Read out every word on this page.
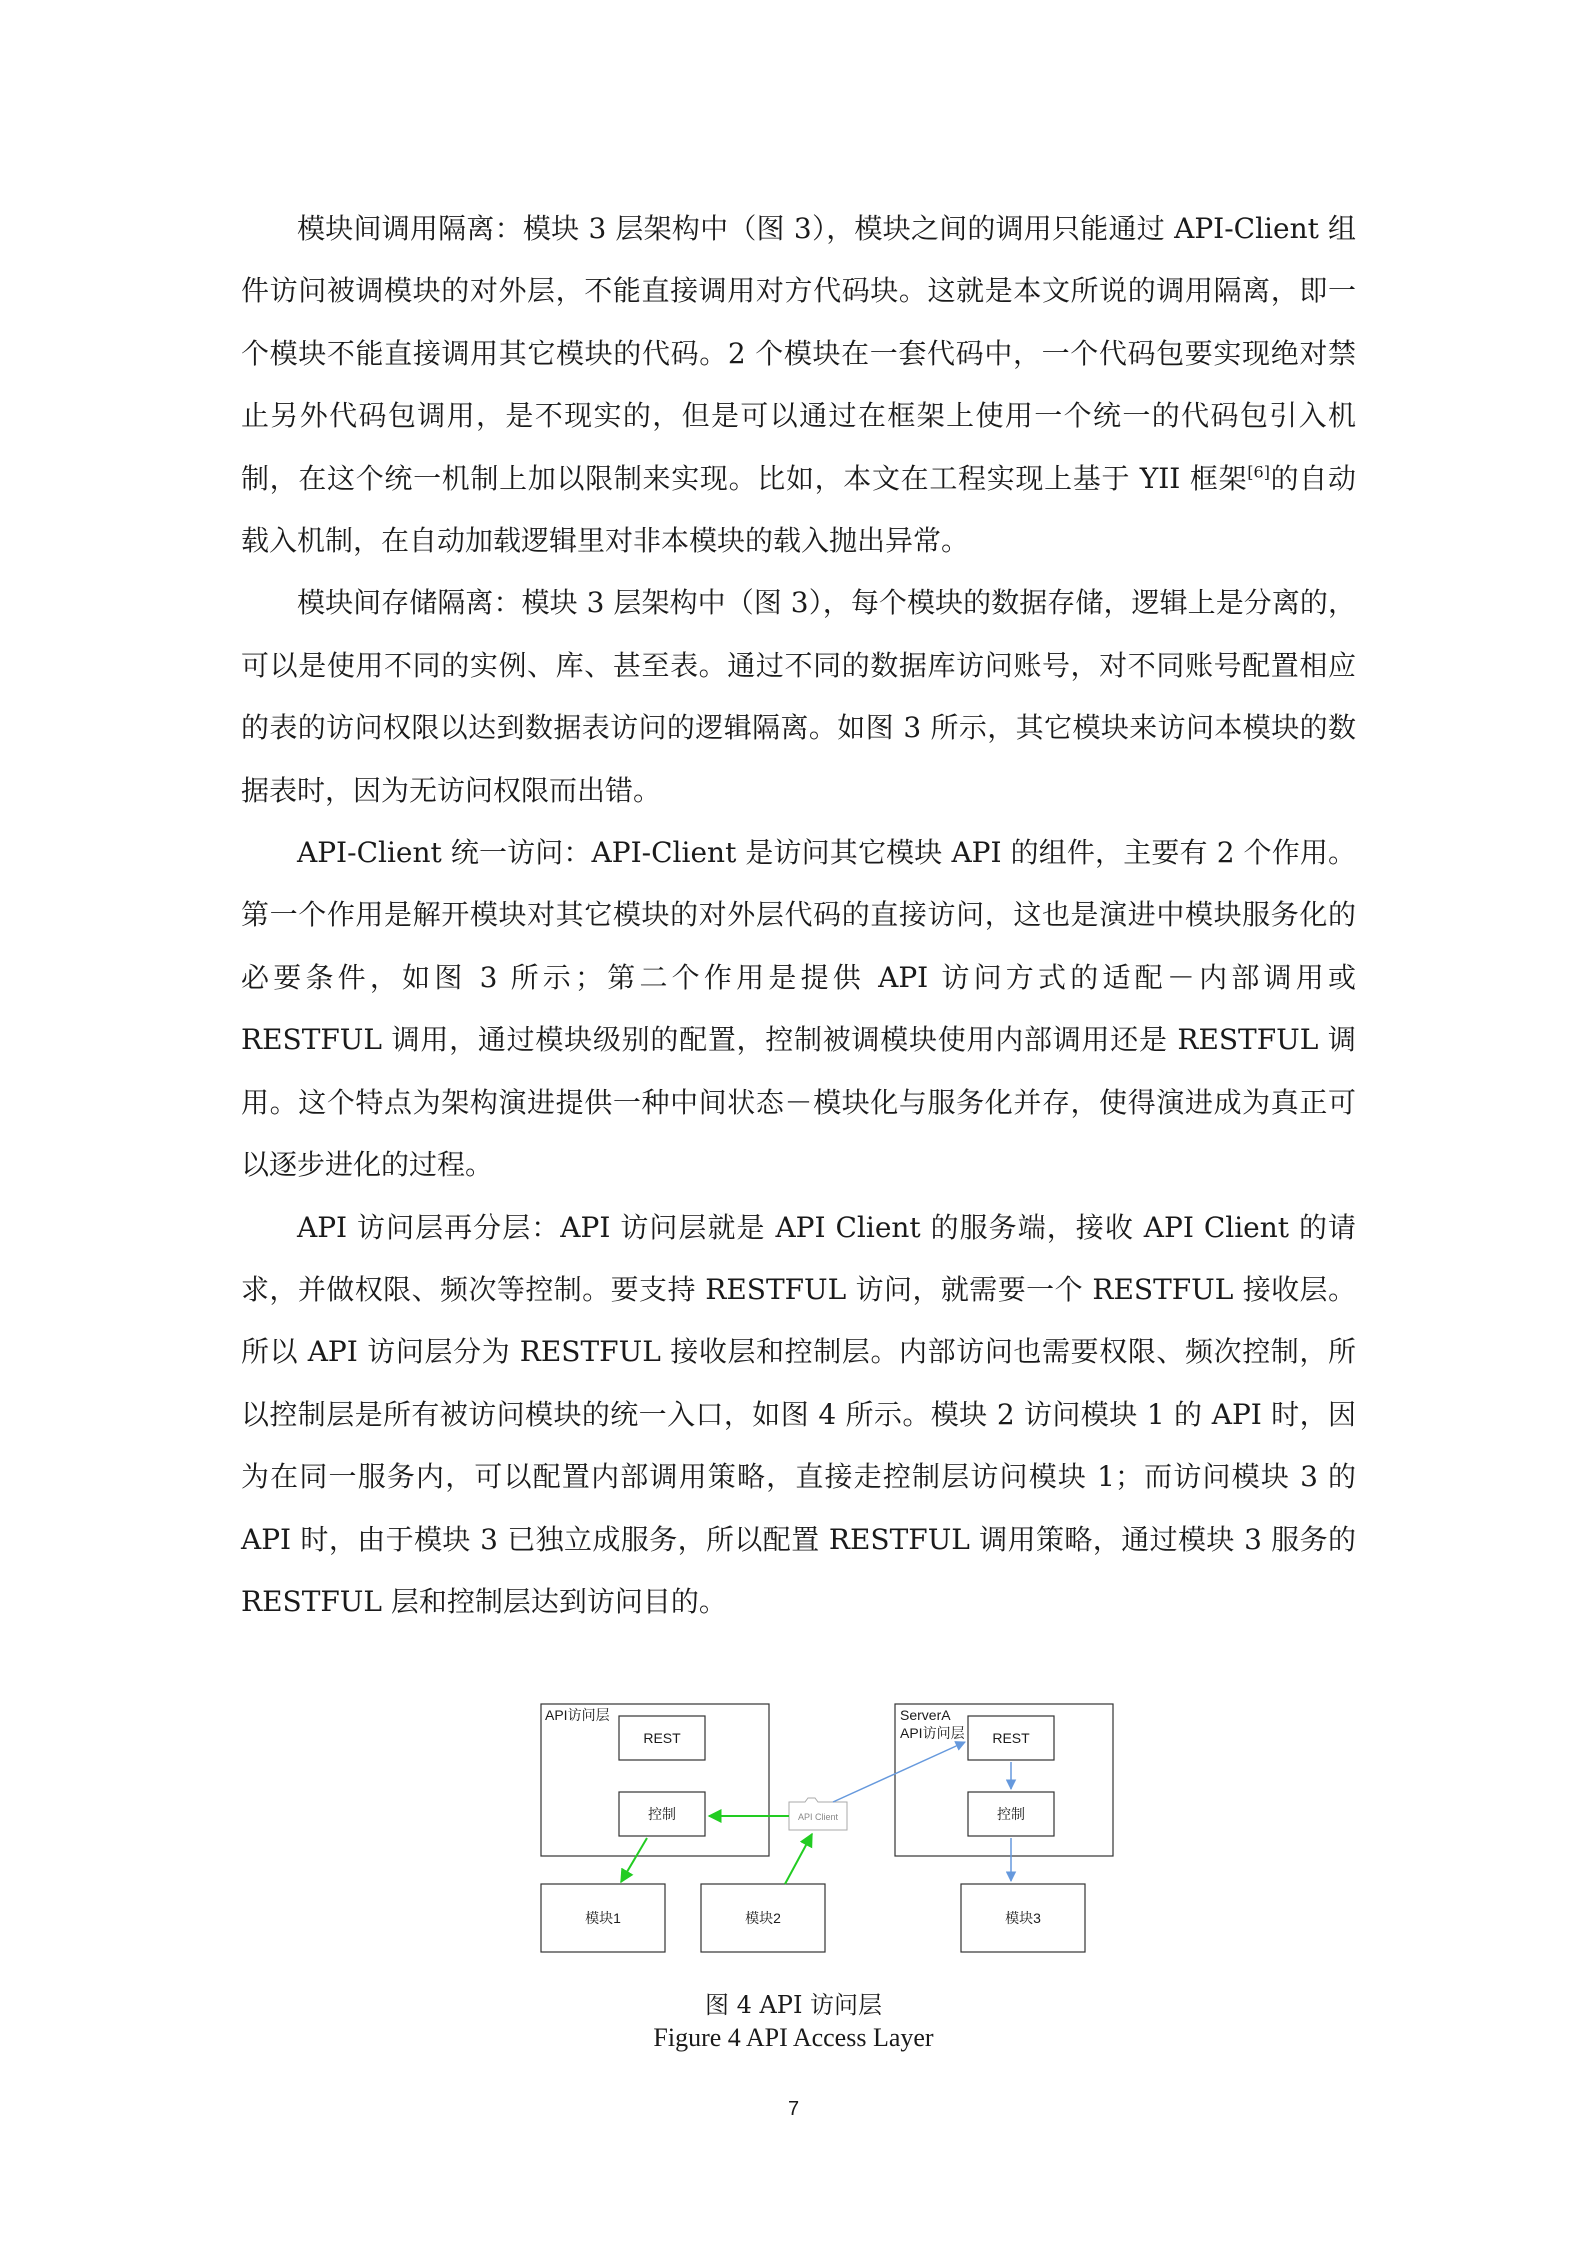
模块间调用隔离：模块 3 层架构中（图 3），模块之间的调用只能通过 API-Client 组件访问被调模块的对外层，不能直接调用对方代码块。这就是本文所说的调用隔离，即一个模块不能直接调用其它模块的代码。2 个模块在一套代码中，一个代码包要实现绝对禁止另外代码包调用，是不现实的，但是可以通过在框架上使用一个统一的代码包引入机制，在这个统一机制上加以限制来实现。比如，本文在工程实现上基于 YII 框架[6]的自动载入机制，在自动加载逻辑里对非本模块的载入抛出异常。

模块间存储隔离：模块 3 层架构中（图 3），每个模块的数据存储，逻辑上是分离的，可以是使用不同的实例、库、甚至表。通过不同的数据库访问账号，对不同账号配置相应的表的访问权限以达到数据表访问的逻辑隔离。如图 3 所示，其它模块来访问本模块的数据表时，因为无访问权限而出错。

API-Client 统一访问：API-Client 是访问其它模块 API 的组件，主要有 2 个作用。第一个作用是解开模块对其它模块的对外层代码的直接访问，这也是演进中模块服务化的必要条件，如图 3 所示；第二个作用是提供 API 访问方式的适配－内部调用或 RESTFUL 调用，通过模块级别的配置，控制被调模块使用内部调用还是 RESTFUL 调用。这个特点为架构演进提供一种中间状态－模块化与服务化并存，使得演进成为真正可以逐步进化的过程。

API 访问层再分层：API 访问层就是 API Client 的服务端，接收 API Client 的请求，并做权限、频次等控制。要支持 RESTFUL 访问，就需要一个 RESTFUL 接收层。所以 API 访问层分为 RESTFUL 接收层和控制层。内部访问也需要权限、频次控制，所以控制层是所有被访问模块的统一入口，如图 4 所示。模块 2 访问模块 1 的 API 时，因为在同一服务内，可以配置内部调用策略，直接走控制层访问模块 1；而访问模块 3 的 API 时，由于模块 3 已独立成服务，所以配置 RESTFUL 调用策略，通过模块 3 服务的 RESTFUL 层和控制层达到访问目的。

API访问层	ServerA
API访问层
REST
控制
REST
控制
API Client
模块1	模块2	模块3
图 4 API 访问层
Figure 4 API Access Layer
7
